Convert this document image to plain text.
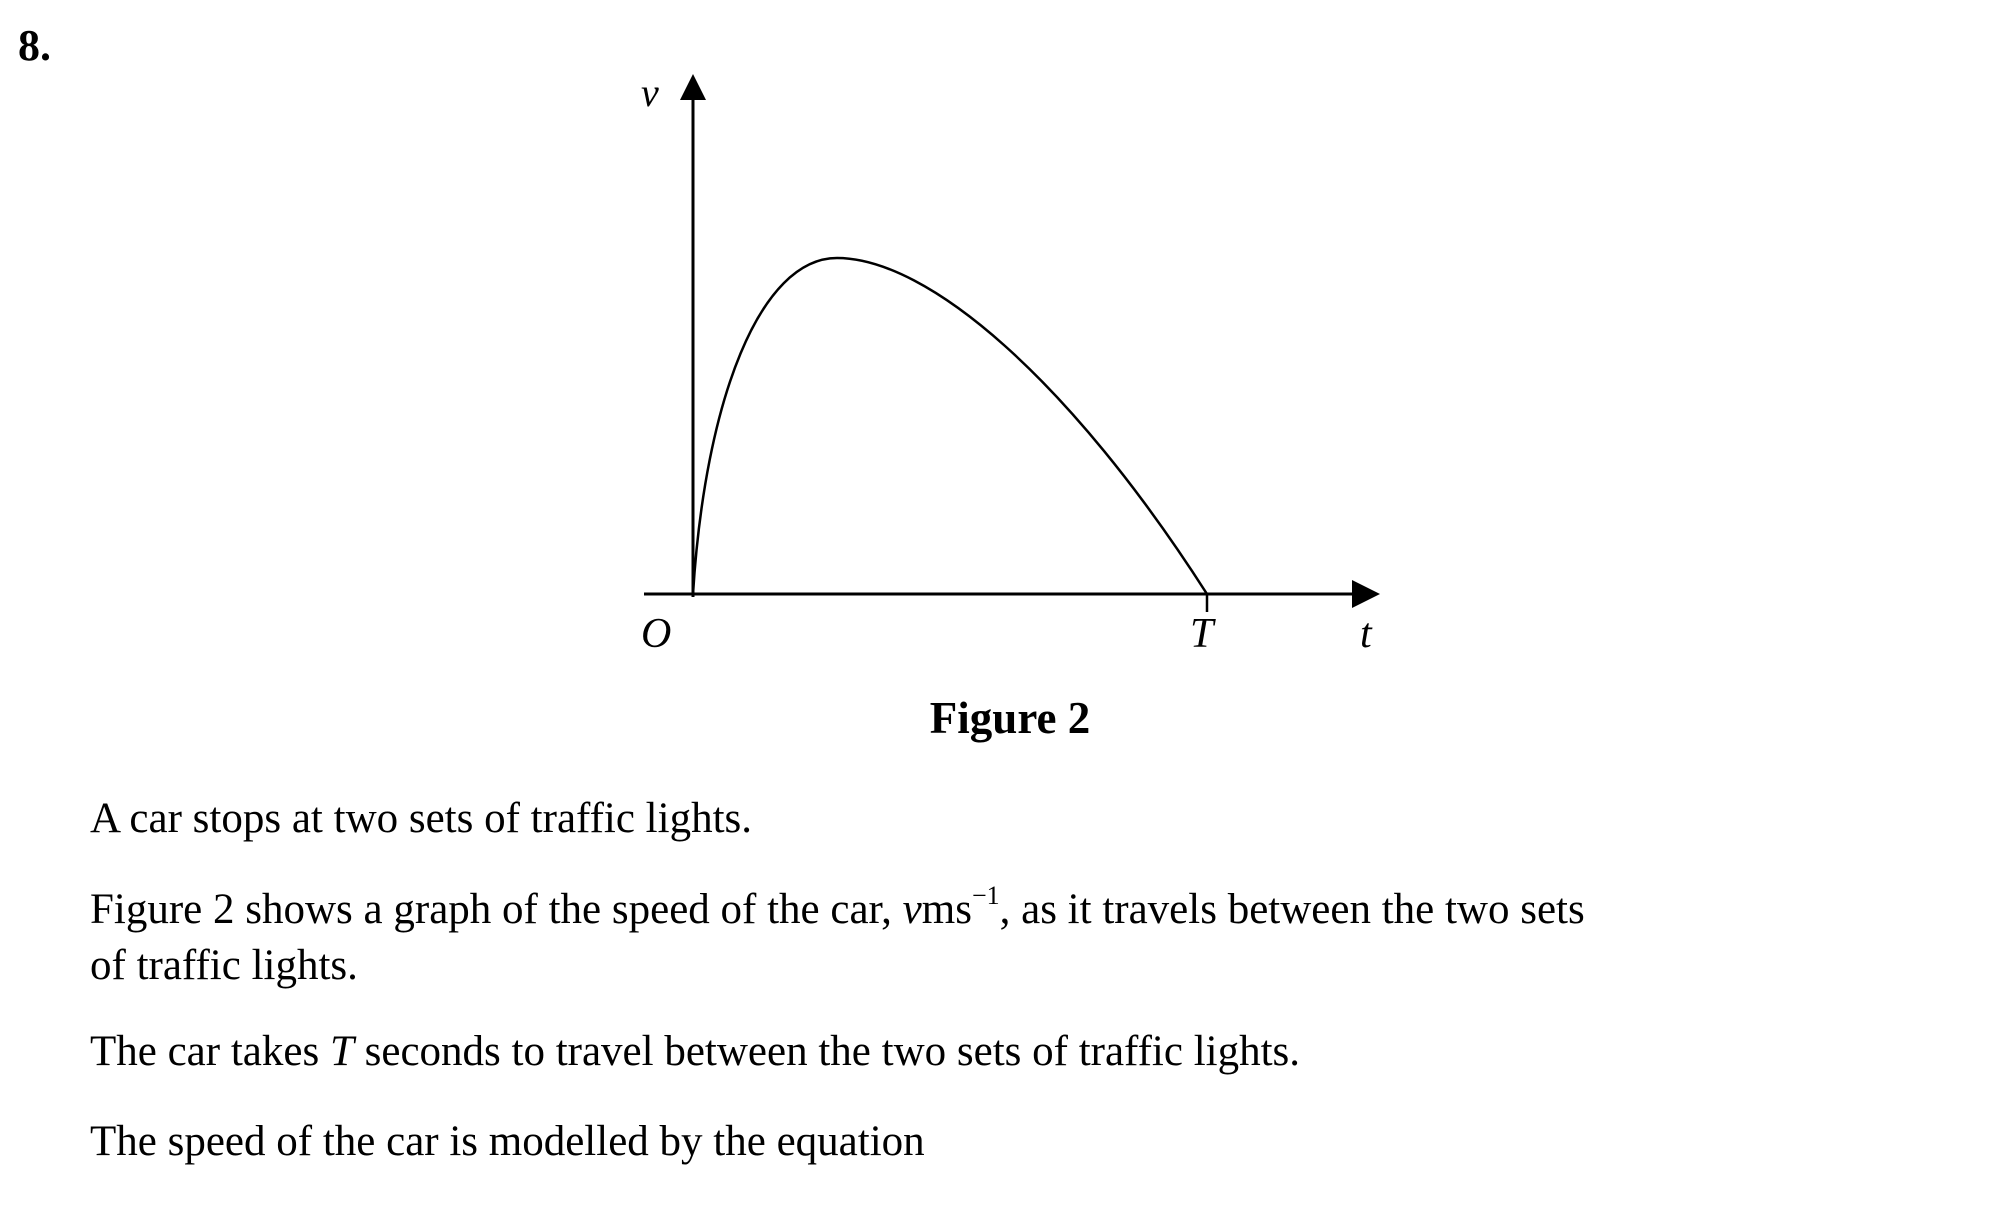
8.
v
O	T	t
Figure 2

A car stops at two sets of traffic lights.

Figure 2 shows a graph of the speed of the car, vms$^{-1}$, as it travels between the two sets
of traffic lights.

The car takes T seconds to travel between the two sets of traffic lights.

The speed of the car is modelled by the equation
